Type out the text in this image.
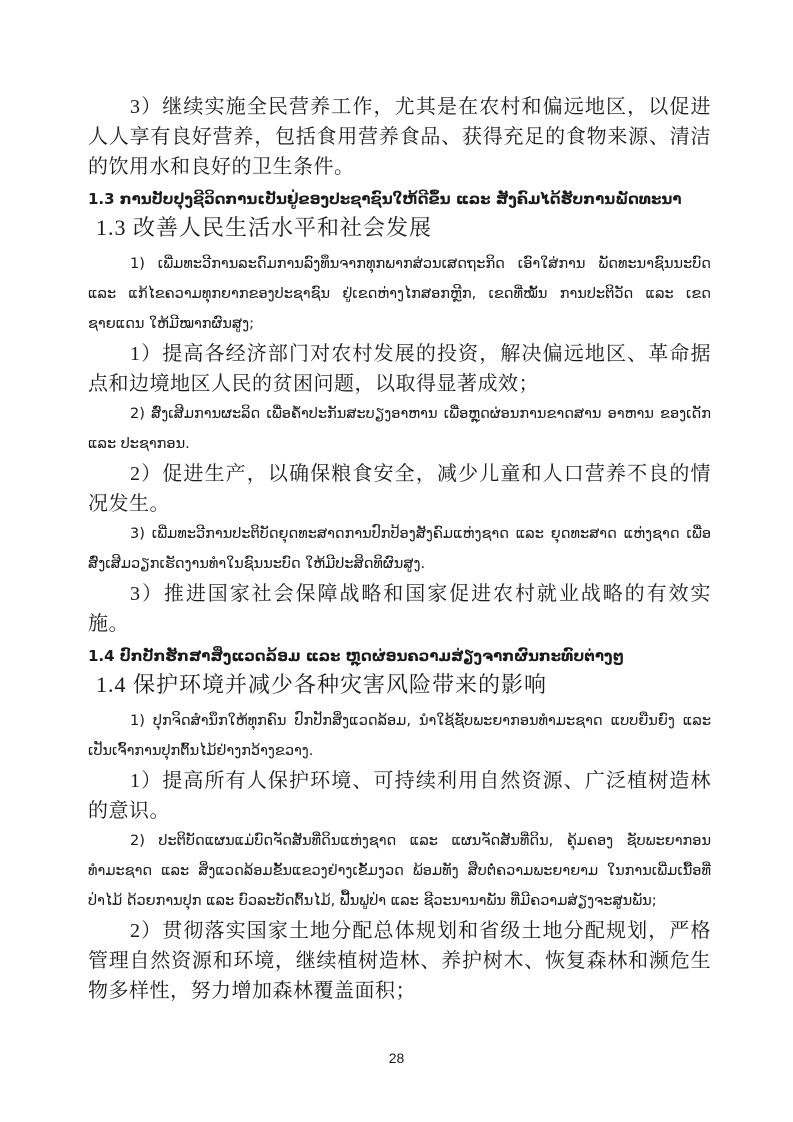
3）继续实施全民营养工作，尤其是在农村和偏远地区，以促进人人享有良好营养，包括食用营养食品、获得充足的食物来源、清洁的饮用水和良好的卫生条件。

1.3 ການປັບປຸງຊີວິດການເປັນຢູ່ຂອງປະຊາຊົນໃຫ້ດີຂຶ້ນ ແລະ ສັງຄົມໄດ້ຮັບການພັດທະນາ
1.3 改善人民生活水平和社会发展

1) ເພີ່ມທະວີການລະດົມການລົງທຶນຈາກທຸກພາກສ່ວນເສດຖະກິດ ເອົາໃສ່ການ ພັດທະນາຊົນນະບົດ ແລະ ແກ້ໄຂຄວາມທຸກຍາກຂອງປະຊາຊົນ ຢູ່ເຂດຫ່າງໄກສອກຫຼີກ, ເຂດທີ່ໝັ້ນ ການປະຕິວັດ ແລະ ເຂດຊາຍແດນ ໃຫ້ມີໝາກຜົນສູງ;

1）提高各经济部门对农村发展的投资，解决偏远地区、革命据点和边境地区人民的贫困问题，以取得显著成效；

2) ສົ່ງເສີມການຜະລິດ ເພື່ອຄໍ້າປະກັນສະບຽງອາຫານ ເພື່ອຫຼຸດຜ່ອນການຂາດສານ ອາຫານ ຂອງເດັກ ແລະ ປະຊາກອນ.

2）促进生产，以确保粮食安全，减少儿童和人口营养不良的情况发生。

3) ເພີ່ມທະວີການປະຕິບັດຍຸດທະສາດການປົກປ້ອງສັງຄົມແຫ່ງຊາດ ແລະ ຍຸດທະສາດ ແຫ່ງຊາດ ເພື່ອສົ່ງເສີມວຽກເຮັດງານທຳໃນຊົນນະບົດ ໃຫ້ມີປະສິດທິຜົນສູງ.

3）推进国家社会保障战略和国家促进农村就业战略的有效实施。

1.4 ປົກປັກຮັກສາສິ່ງແວດລ້ອມ ແລະ ຫຼຸດຜ່ອນຄວາມສ່ຽງຈາກຜົນກະທົບຕ່າງໆ
1.4 保护环境并减少各种灾害风险带来的影响

1) ປຸກຈິດສຳນຶກໃຫ້ທຸກຄົນ ປົກປັກສິ່ງແວດລ້ອມ, ນຳໃຊ້ຊັບພະຍາກອນທຳມະຊາດ ແບບຍືນຍົງ ແລະ ເປັນເຈົ້າການປຸກຕົ້ນໄມ້ຢ່າງກວ້າງຂວາງ.

1）提高所有人保护环境、可持续利用自然资源、广泛植树造林的意识。

2) ປະຕິບັດແຜນແມ່ບົດຈັດສັນທີ່ດິນແຫ່ງຊາດ ແລະ ແຜນຈັດສັນທີ່ດິນ, ຄຸ້ມຄອງ ຊັບພະຍາກອນທຳມະຊາດ ແລະ ສິ່ງແວດລ້ອມຂັ້ນແຂວງຢ່າງເຂັ້ມງວດ ພ້ອມທັງ ສືບຕໍ່ຄວາມພະຍາຍາມ ໃນການເພີ່ມເນື້ອທີ່ປ່າໄມ້ ດ້ວຍການປຸກ ແລະ ບົວລະບັດຕົ້ນໄມ້, ຟື້ນຟູປ່າ ແລະ ຊີວະນານາພັນ ທີ່ມີຄວາມສ່ຽງຈະສູນພັນ;

2）贯彻落实国家土地分配总体规划和省级土地分配规划，严格管理自然资源和环境，继续植树造林、养护树木、恢复森林和濒危生物多样性，努力增加森林覆盖面积；

28
